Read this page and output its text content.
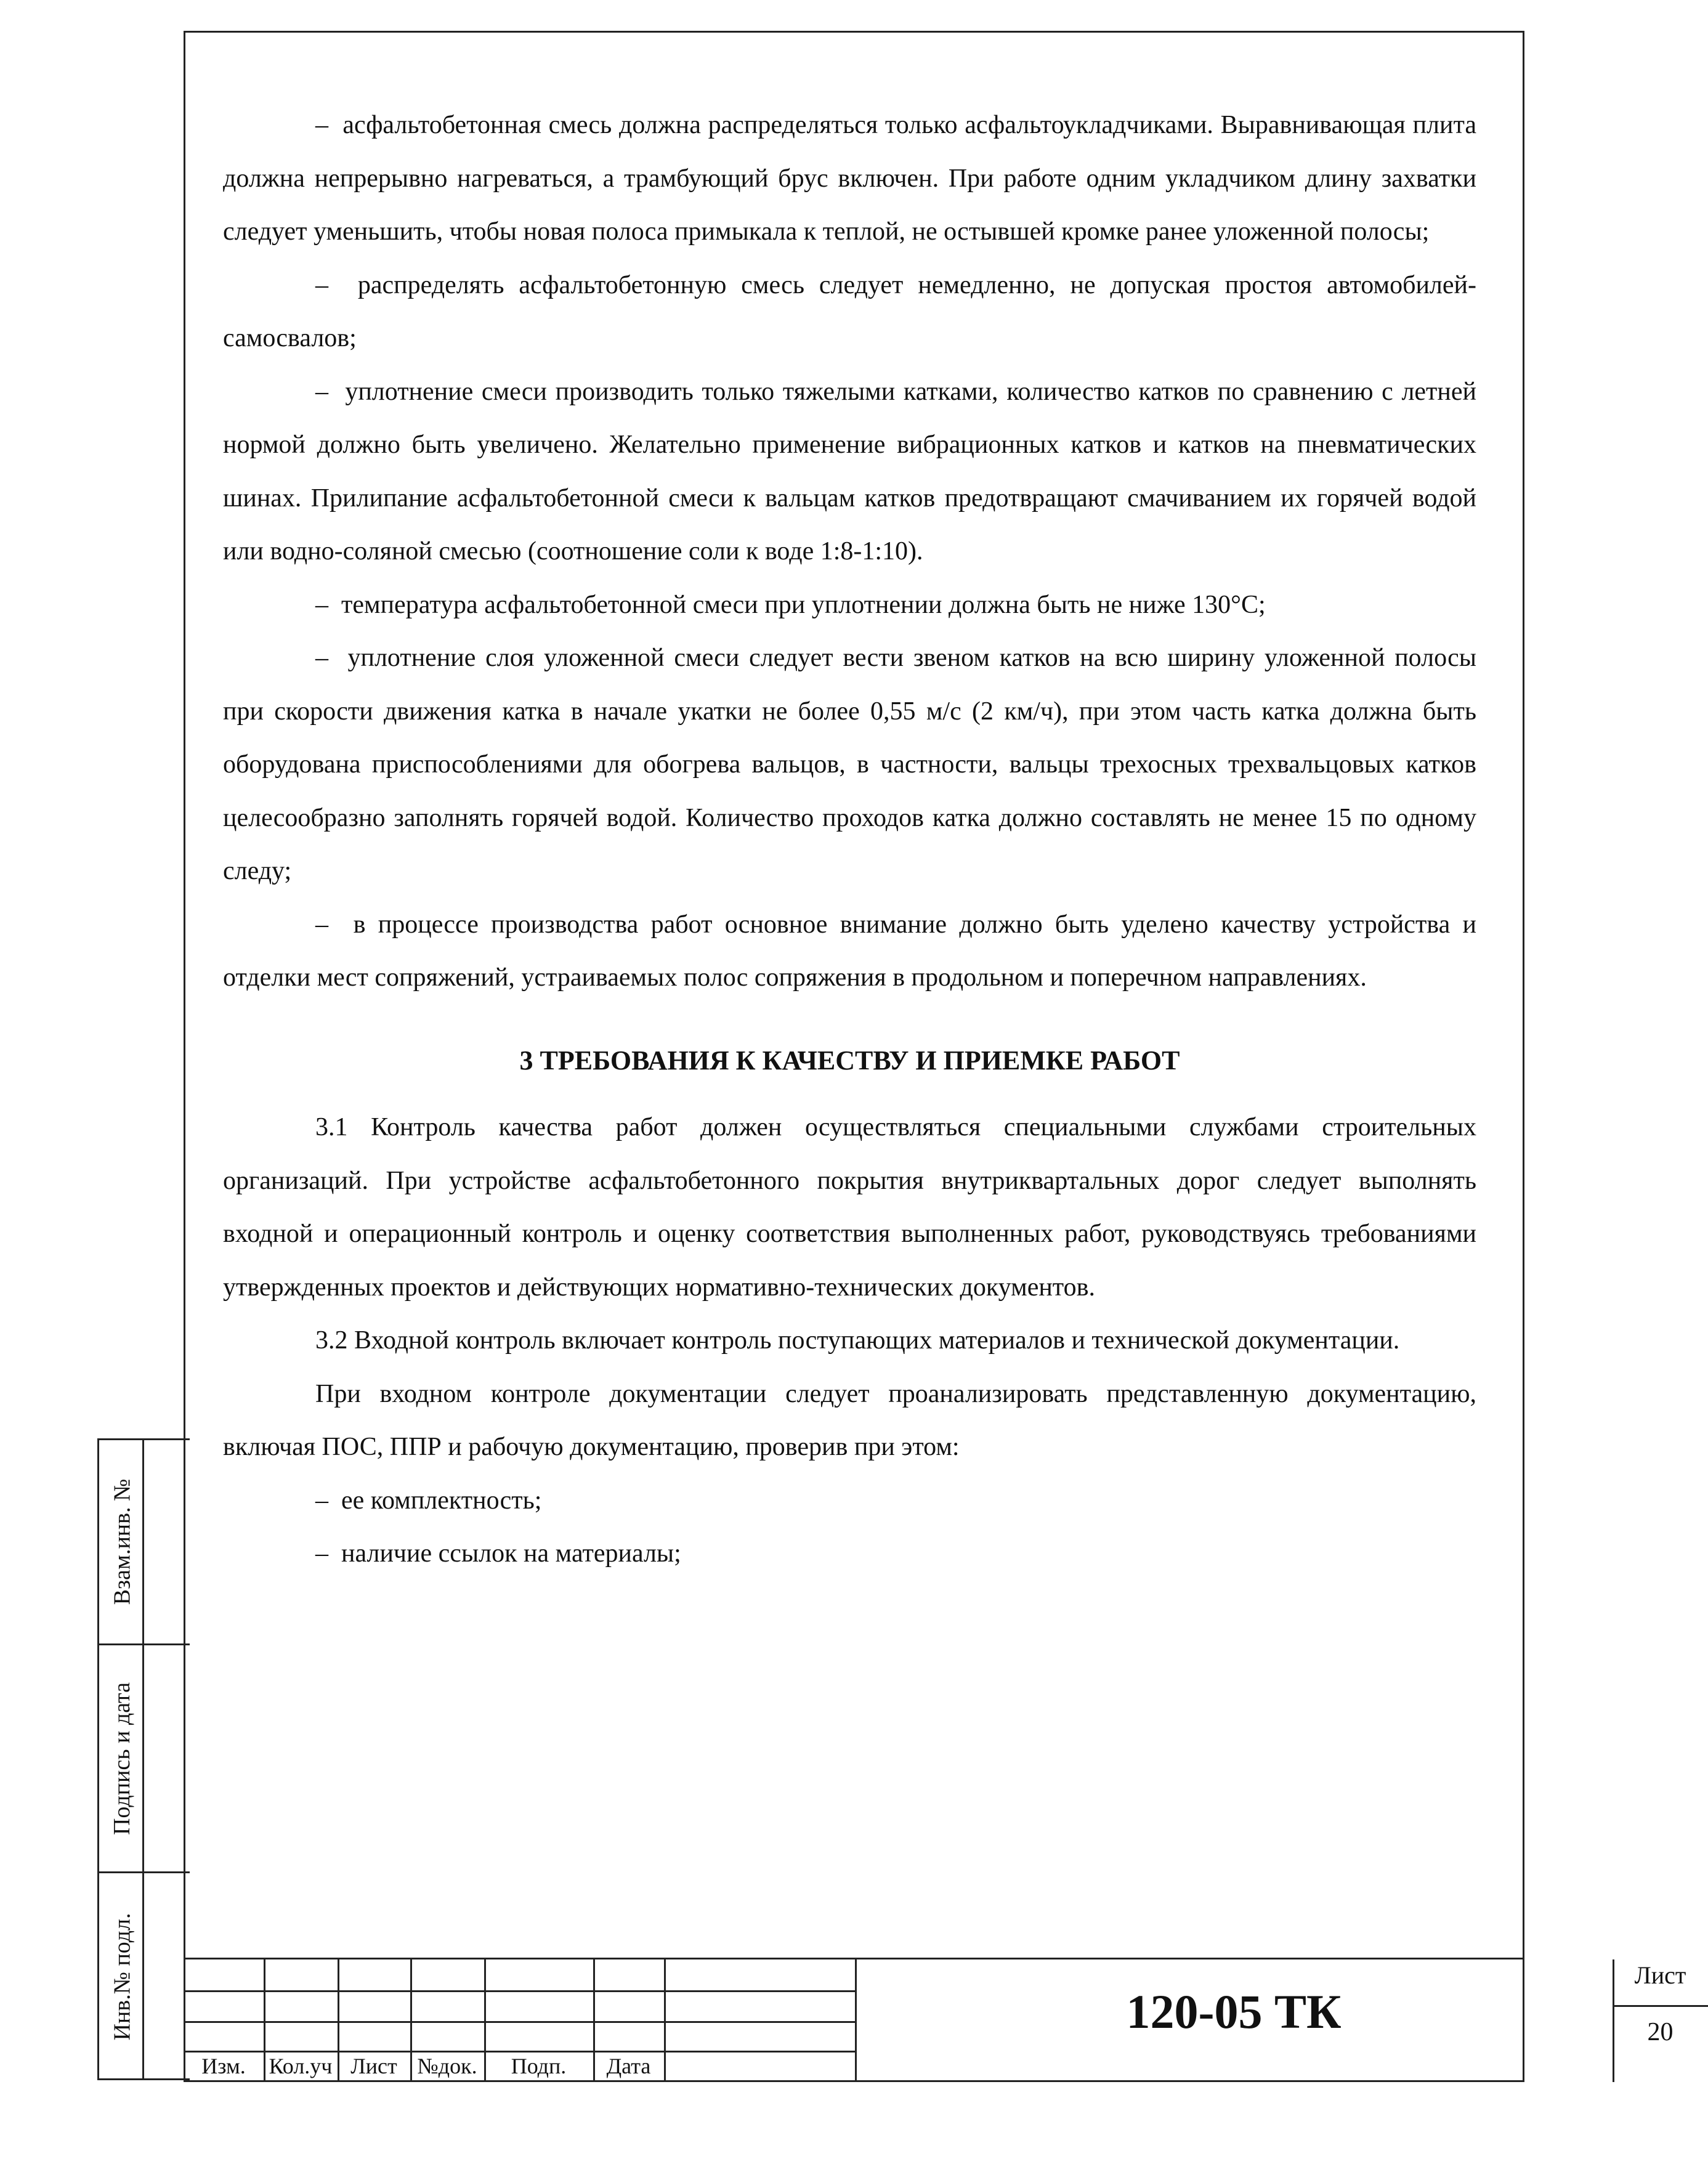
–  асфальтобетонная смесь должна распределяться только асфальтоукладчиками. Выравнивающая плита должна непрерывно нагреваться, а трамбующий брус включен. При работе одним укладчиком длину захватки следует уменьшить, чтобы новая полоса примыкала к теплой, не остывшей кромке ранее уложенной полосы;

–  распределять асфальтобетонную смесь следует немедленно, не допуская простоя автомобилей-самосвалов;

–  уплотнение смеси производить только тяжелыми катками, количество катков по сравнению с летней нормой должно быть увеличено. Желательно применение вибрационных катков и катков на пневматических шинах. Прилипание асфальтобетонной смеси к вальцам катков предотвращают смачиванием их горячей водой или водно-соляной смесью (соотношение соли к воде 1:8-1:10).

–  температура асфальтобетонной смеси при уплотнении должна быть не ниже 130°С;

–  уплотнение слоя уложенной смеси следует вести звеном катков на всю ширину уложенной полосы при скорости движения катка в начале укатки не более 0,55 м/с (2 км/ч), при этом часть катка должна быть оборудована приспособлениями для обогрева вальцов, в частности, вальцы трехосных трехвальцовых катков целесообразно заполнять горячей водой. Количество проходов катка должно составлять не менее 15 по одному следу;

–  в процессе производства работ основное внимание должно быть уделено качеству устройства и отделки мест сопряжений, устраиваемых полос сопряжения в продольном и поперечном направлениях.

3 ТРЕБОВАНИЯ К КАЧЕСТВУ И ПРИЕМКЕ РАБОТ

3.1 Контроль качества работ должен осуществляться специальными службами строительных организаций. При устройстве асфальтобетонного покрытия внутриквартальных дорог следует выполнять входной и операционный контроль и оценку соответствия выполненных работ, руководствуясь требованиями утвержденных проектов и действующих нормативно-технических документов.

3.2 Входной контроль включает контроль поступающих материалов и технической документации.

При входном контроле документации следует проанализировать представленную документацию, включая ПОС, ППР и рабочую документацию, проверив при этом:

–  ее комплектность;

–  наличие ссылок на материалы;

Взам.инв. №
Подпись и дата
Инв.№ подл.
Изм.	Кол.уч Лист №док.	Подп.	Дата
120-05 ТК
Лист
20
